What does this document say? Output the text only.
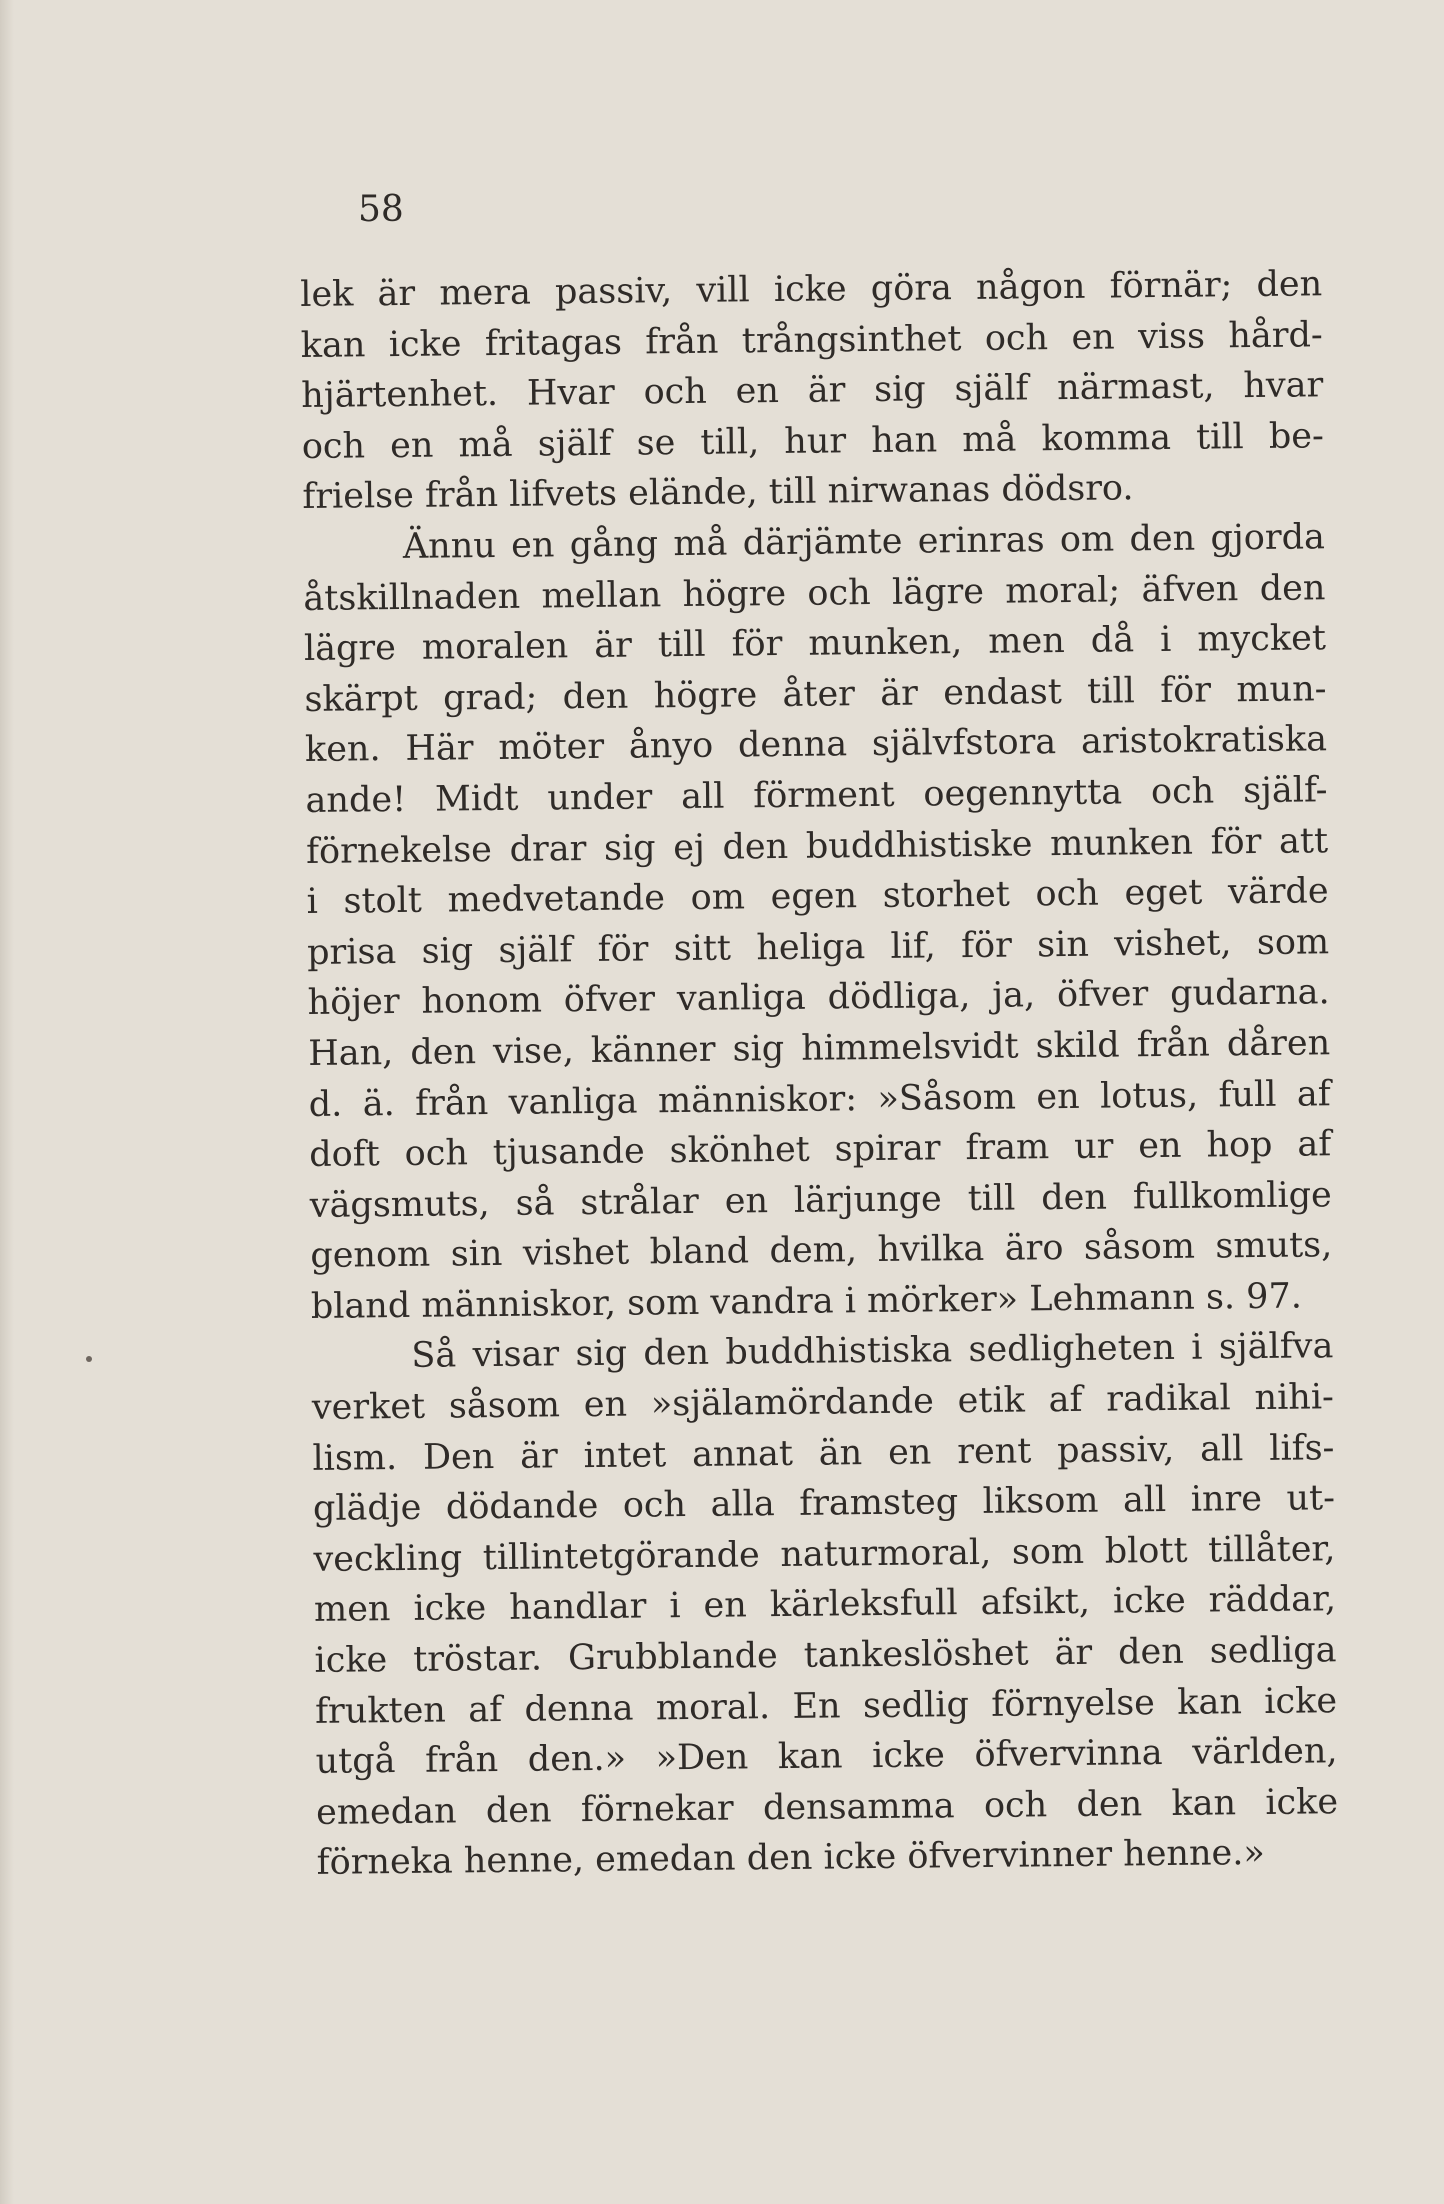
58
lek är mera passiv, vill icke göra någon förnär; den
kan icke fritagas från trångsinthet och en viss hård-
hjärtenhet. Hvar och en är sig själf närmast, hvar
och en må själf se till, hur han må komma till be-
frielse från lifvets elände, till nirwanas dödsro.
Ännu en gång må därjämte erinras om den gjorda
åtskillnaden mellan högre och lägre moral; äfven den
lägre moralen är till för munken, men då i mycket
skärpt grad; den högre åter är endast till för mun-
ken. Här möter ånyo denna självfstora aristokratiska
ande! Midt under all förment oegennytta och själf-
förnekelse drar sig ej den buddhistiske munken för att
i stolt medvetande om egen storhet och eget värde
prisa sig själf för sitt heliga lif, för sin vishet, som
höjer honom öfver vanliga dödliga, ja, öfver gudarna.
Han, den vise, känner sig himmelsvidt skild från dåren
d. ä. från vanliga människor: »Såsom en lotus, full af
doft och tjusande skönhet spirar fram ur en hop af
vägsmuts, så strålar en lärjunge till den fullkomlige
genom sin vishet bland dem, hvilka äro såsom smuts,
bland människor, som vandra i mörker» Lehmann s. 97.
Så visar sig den buddhistiska sedligheten i själfva
verket såsom en »själamördande etik af radikal nihi-
lism. Den är intet annat än en rent passiv, all lifs-
glädje dödande och alla framsteg liksom all inre ut-
veckling tillintetgörande naturmoral, som blott tillåter,
men icke handlar i en kärleksfull afsikt, icke räddar,
icke tröstar. Grubblande tankeslöshet är den sedliga
frukten af denna moral. En sedlig förnyelse kan icke
utgå från den.» »Den kan icke öfvervinna världen,
emedan den förnekar densamma och den kan icke
förneka henne, emedan den icke öfvervinner henne.»
